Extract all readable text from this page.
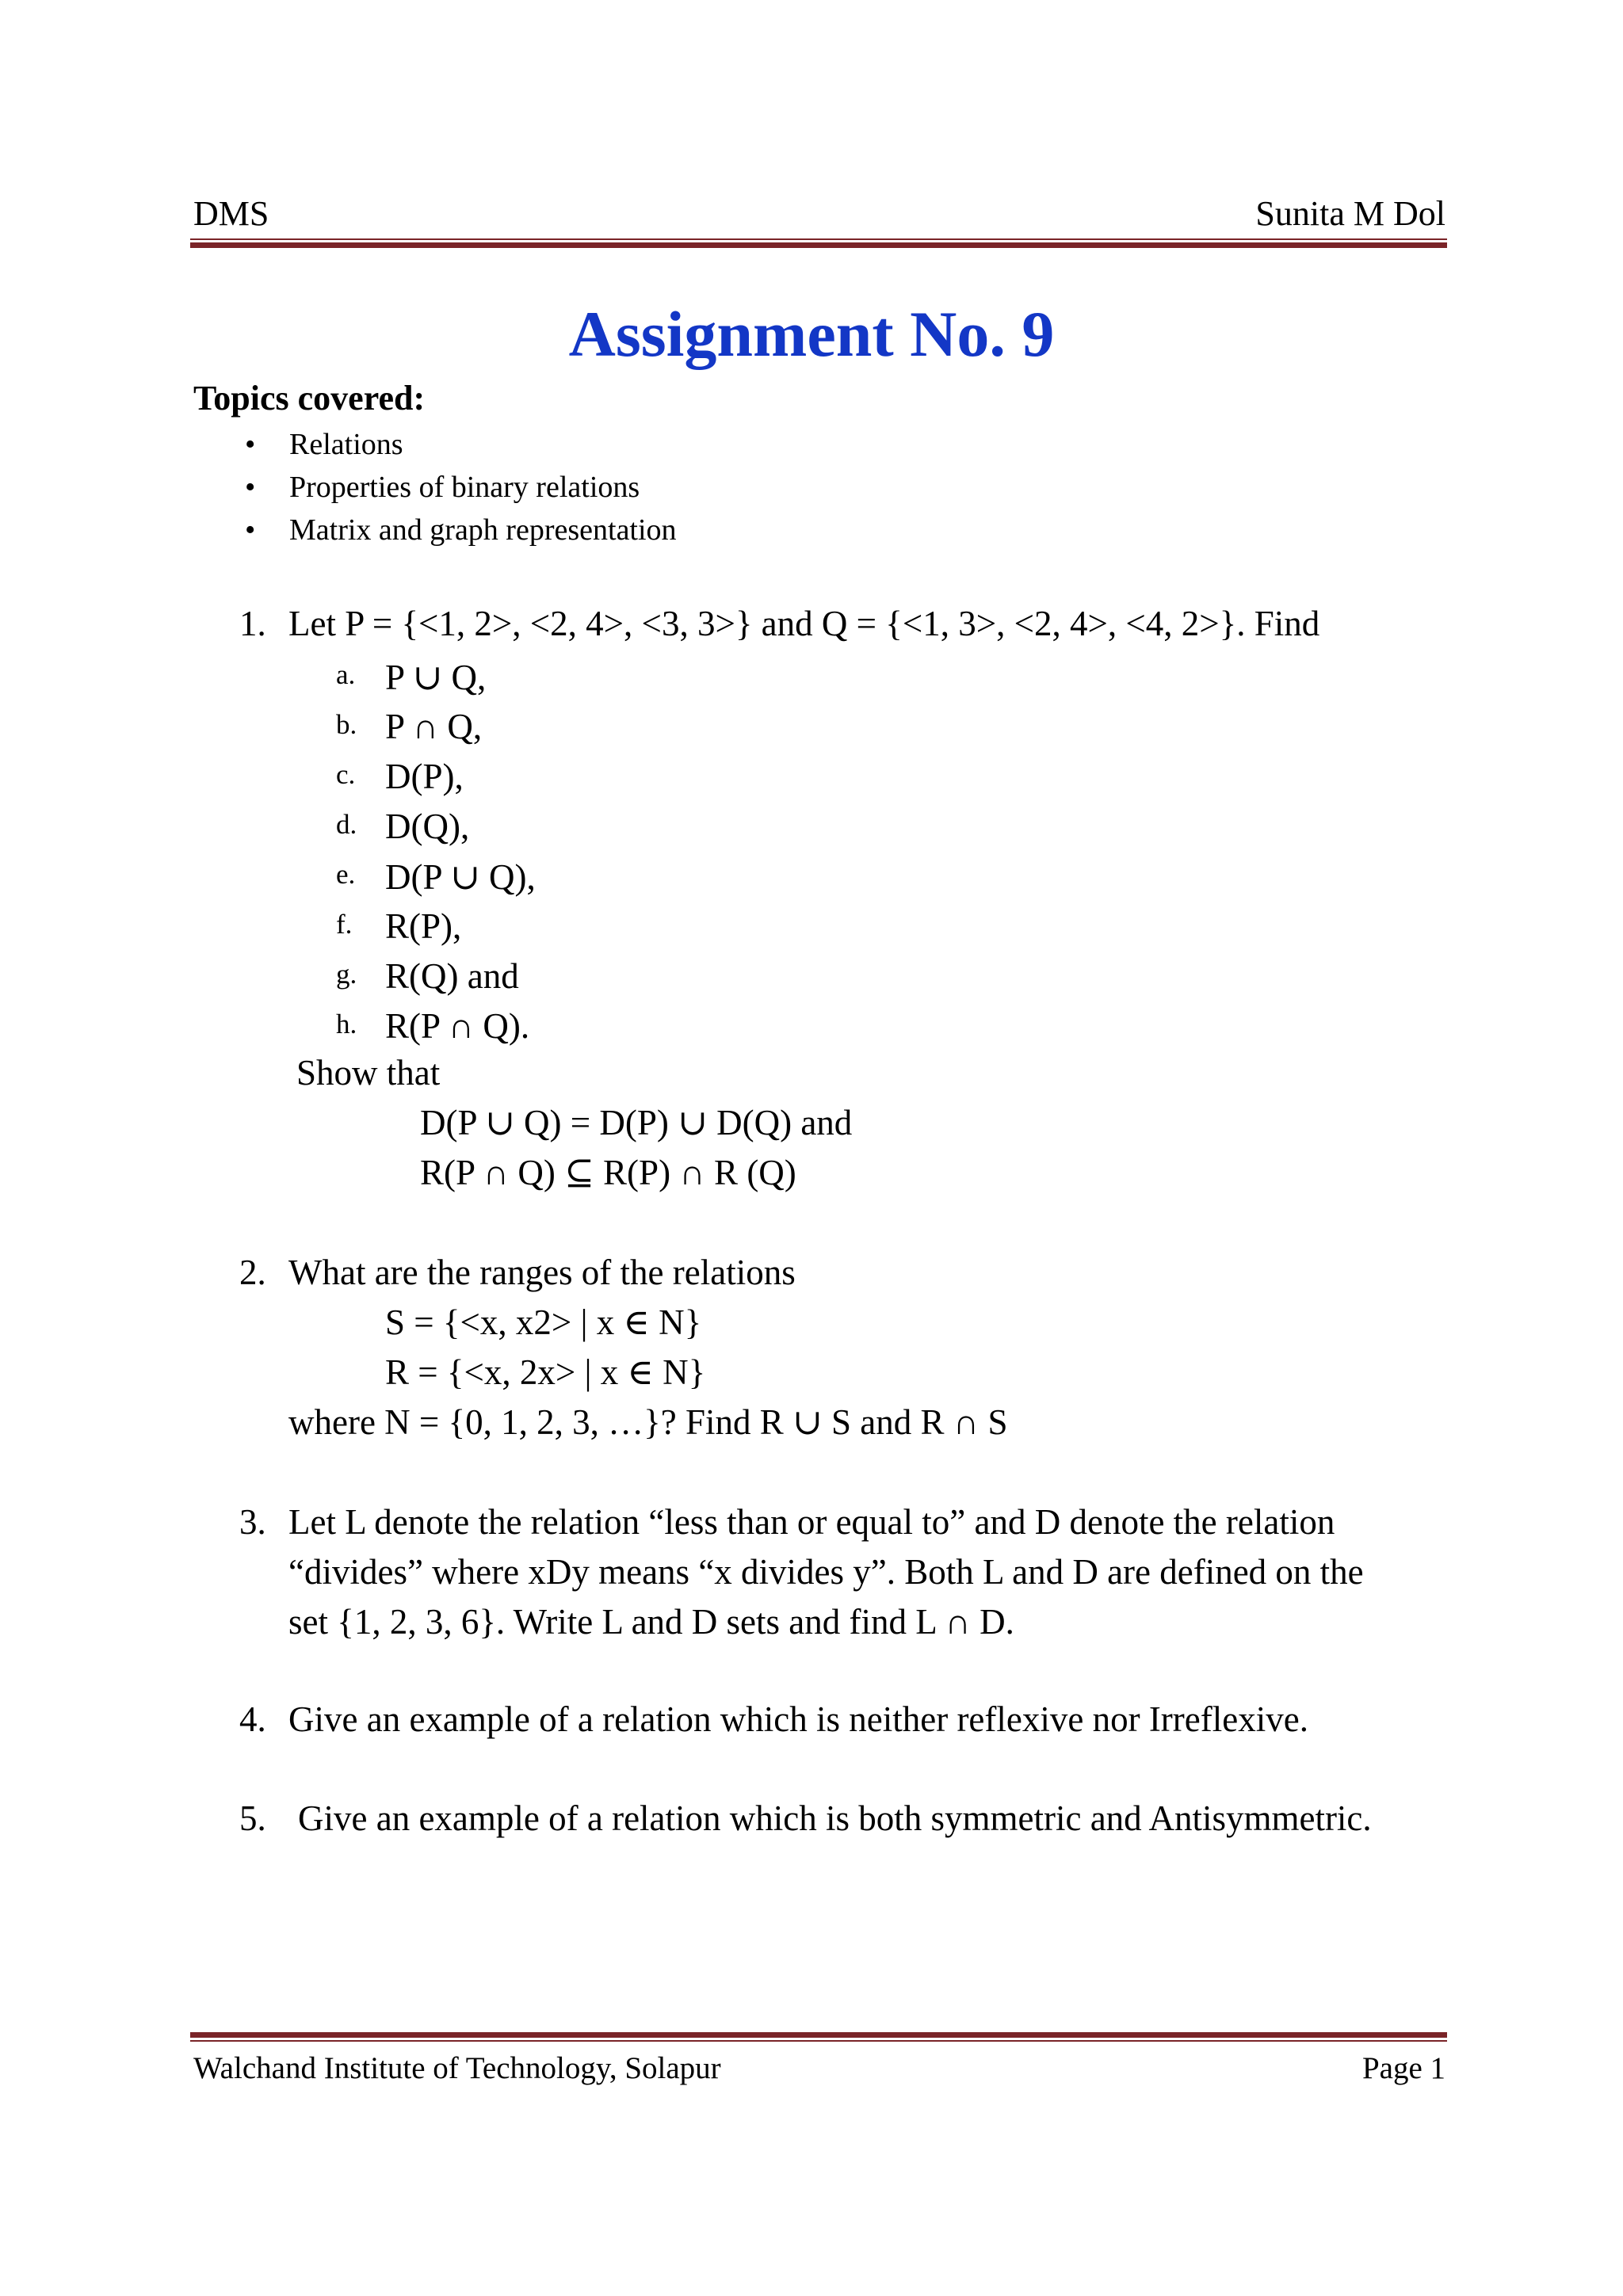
DMS	Sunita M Dol
Assignment No. 9
Topics covered:
• Relations
• Properties of binary relations
• Matrix and graph representation
1. Let P = {<1, 2>, <2, 4>, <3, 3>} and Q = {<1, 3>, <2, 4>, <4, 2>}. Find
a. P ∪ Q,
b. P ∩ Q,
c. D(P),
d. D(Q),
e. D(P ∪ Q),
f. R(P),
g. R(Q) and
h. R(P ∩ Q).
Show that
D(P ∪ Q) = D(P) ∪ D(Q) and
R(P ∩ Q) ⊆ R(P) ∩ R (Q)
2. What are the ranges of the relations
S = {<x, x2> | x ∈ N}
R = {<x, 2x> | x ∈ N}
where N = {0, 1, 2, 3, …}? Find R ∪ S and R ∩ S
3. Let L denote the relation “less than or equal to” and D denote the relation
“divides” where xDy means “x divides y”. Both L and D are defined on the
set {1, 2, 3, 6}. Write L and D sets and find L ∩ D.
4. Give an example of a relation which is neither reflexive nor Irreflexive.
5. Give an example of a relation which is both symmetric and Antisymmetric.
Walchand Institute of Technology, Solapur	Page 1
